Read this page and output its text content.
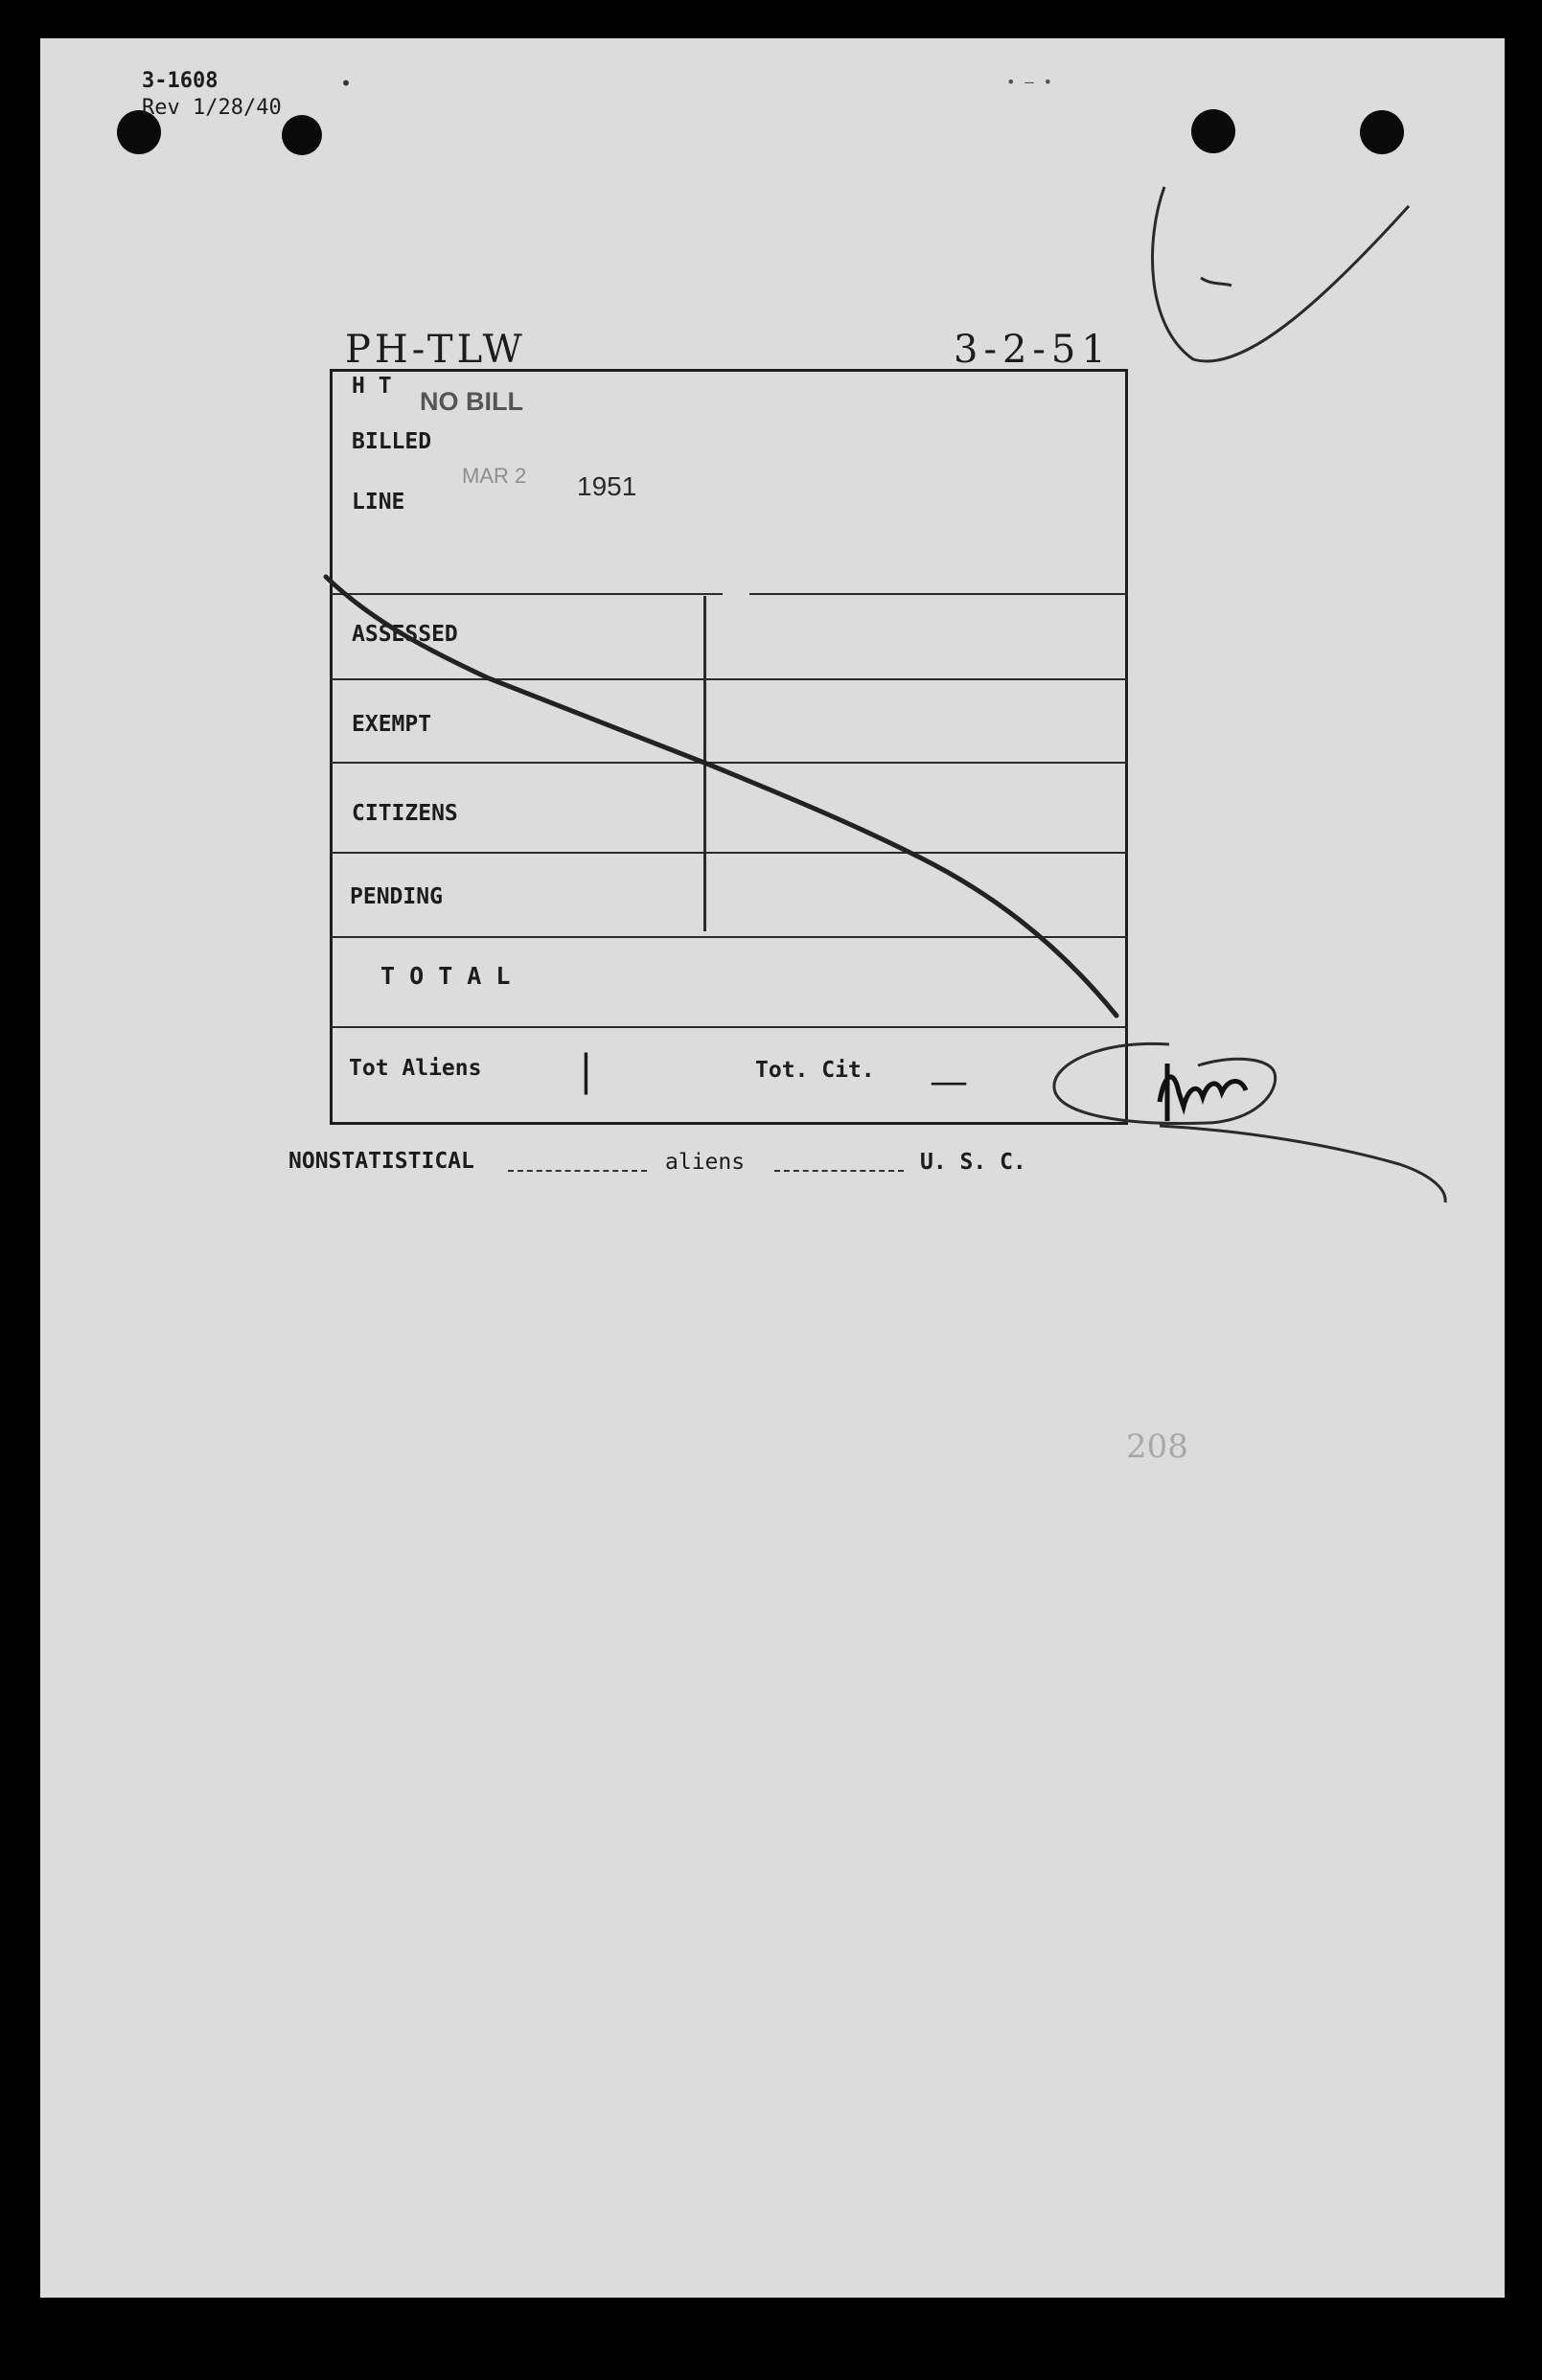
3-1608
Rev 1/28/40
•	• — •
PH-TLW	3-2-51
H T
NO BILL
BILLED
MAR 2 1951
LINE
ASSESSED
EXEMPT
CITIZENS
PENDING
T O T A L
Tot Aliens |	Tot. Cit. —
NONSTATISTICAL	aliens	U. S. C.
208
